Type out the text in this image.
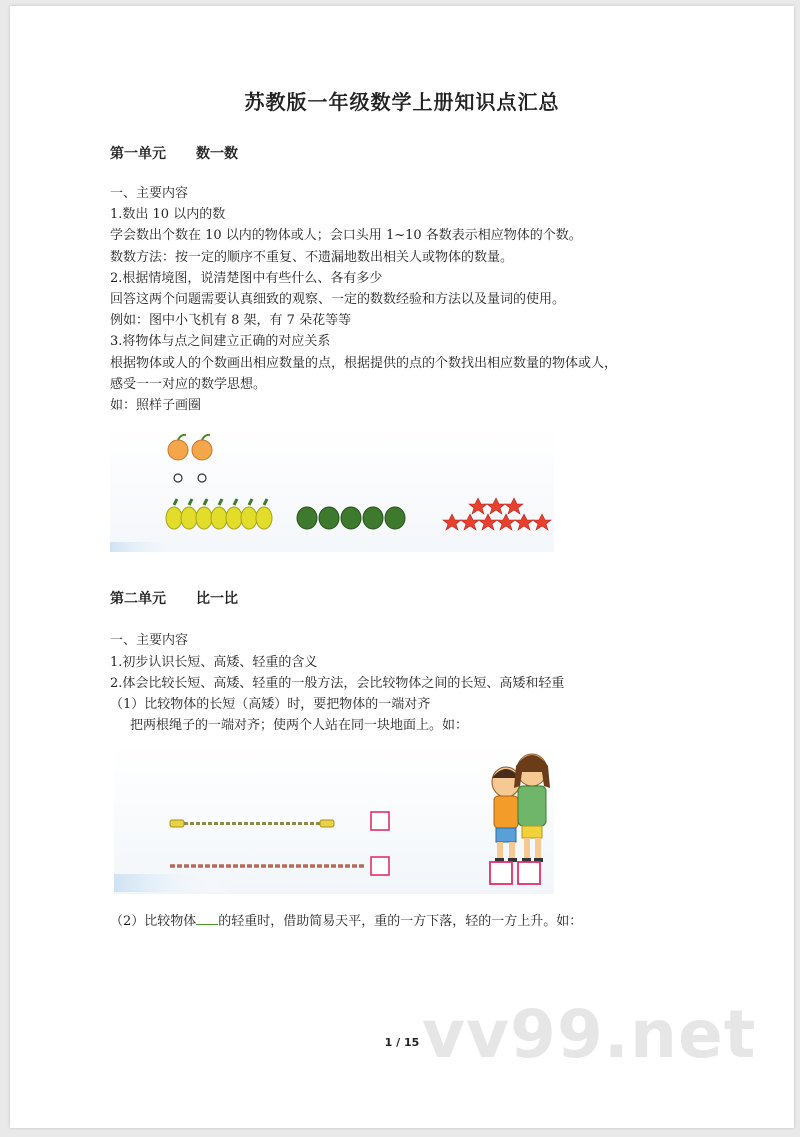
苏教版一年级数学上册知识点汇总
第一单元 数一数
一、主要内容
1.数出 10 以内的数
学会数出个数在 10 以内的物体或人；会口头用 1~10 各数表示相应物体的个数。
数数方法：按一定的顺序不重复、不遗漏地数出相关人或物体的数量。
2.根据情境图，说清楚图中有些什么、各有多少
回答这两个问题需要认真细致的观察、一定的数数经验和方法以及量词的使用。
例如：图中小飞机有 8 架，有 7 朵花等等
3.将物体与点之间建立正确的对应关系
根据物体或人的个数画出相应数量的点，根据提供的点的个数找出相应数量的物体或人，
感受一一对应的数学思想。
如：照样子画圈
第二单元 比一比
一、主要内容
1.初步认识长短、高矮、轻重的含义
2.体会比较长短、高矮、轻重的一般方法，会比较物体之间的长短、高矮和轻重
（1）比较物体的长短（高矮）时，要把物体的一端对齐
把两根绳子的一端对齐；使两个人站在同一块地面上。如：
（2）比较物体 的轻重时，借助简易天平，重的一方下落，轻的一方上升。如：
vv99.net
1 / 15
